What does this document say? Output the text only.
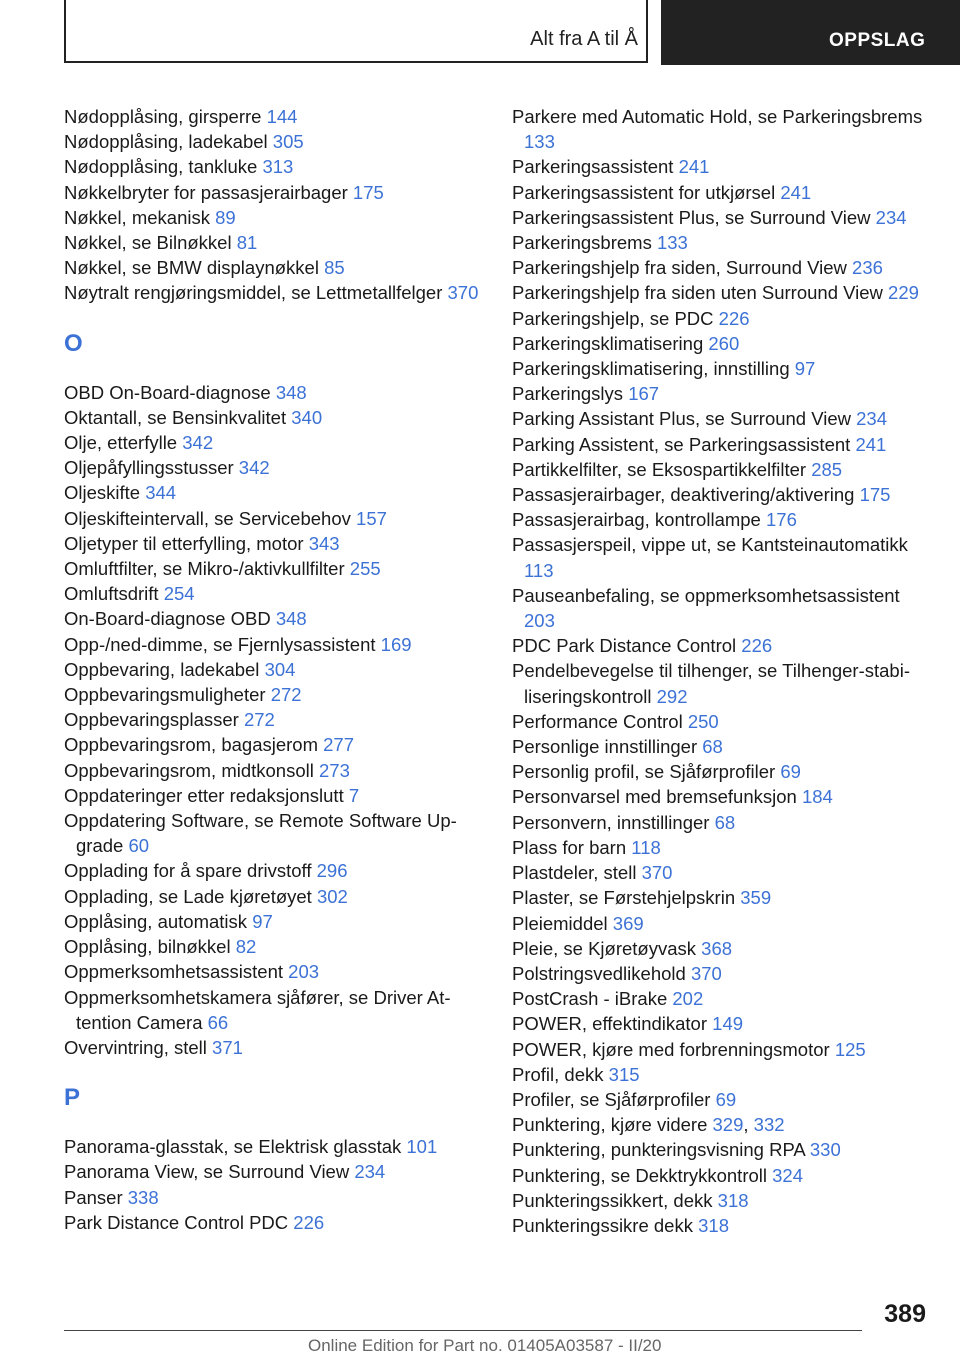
Alt fra A til Å	OPPSLAG
Nødopplåsing, girsperre 144
Nødopplåsing, ladekabel 305
Nødopplåsing, tankluke 313
Nøkkelbryter for passasjerairbager 175
Nøkkel, mekanisk 89
Nøkkel, se Bilnøkkel 81
Nøkkel, se BMW displaynøkkel 85
Nøytralt rengjøringsmiddel, se Lettmetallfelger 370
O
OBD On-Board-diagnose 348
Oktantall, se Bensinkvalitet 340
Olje, etterfylle 342
Oljepåfyllingsstusser 342
Oljeskifte 344
Oljeskifteintervall, se Servicebehov 157
Oljetyper til etterfylling, motor 343
Omluftfilter, se Mikro-/aktivkullfilter 255
Omluftsdrift 254
On-Board-diagnose OBD 348
Opp-/ned-dimme, se Fjernlysassistent 169
Oppbevaring, ladekabel 304
Oppbevaringsmuligheter 272
Oppbevaringsplasser 272
Oppbevaringsrom, bagasjerom 277
Oppbevaringsrom, midtkonsoll 273
Oppdateringer etter redaksjonslutt 7
Oppdatering Software, se Remote Software Upgrade 60
Opplading for å spare drivstoff 296
Opplading, se Lade kjøretøyet 302
Opplåsing, automatisk 97
Opplåsing, bilnøkkel 82
Oppmerksomhetsassistent 203
Oppmerksomhetskamera sjåfører, se Driver Attention Camera 66
Overvintring, stell 371
P
Panorama-glasstak, se Elektrisk glasstak 101
Panorama View, se Surround View 234
Panser 338
Park Distance Control PDC 226
Parkere med Automatic Hold, se Parkeringsbrems 133
Parkeringsassistent 241
Parkeringsassistent for utkjørsel 241
Parkeringsassistent Plus, se Surround View 234
Parkeringsbrems 133
Parkeringshjelp fra siden, Surround View 236
Parkeringshjelp fra siden uten Surround View 229
Parkeringshjelp, se PDC 226
Parkeringsklimatisering 260
Parkeringsklimatisering, innstilling 97
Parkeringslys 167
Parking Assistant Plus, se Surround View 234
Parking Assistent, se Parkeringsassistent 241
Partikkelfilter, se Eksospartikkelfilter 285
Passasjerairbager, deaktivering/aktivering 175
Passasjerairbag, kontrollampe 176
Passasjerspeil, vippe ut, se Kantsteinautomatikk 113
Pauseanbefaling, se oppmerksomhetsassistent 203
PDC Park Distance Control 226
Pendelbevegelse til tilhenger, se Tilhenger-stabiliseringskontroll 292
Performance Control 250
Personlige innstillinger 68
Personlig profil, se Sjåførprofiler 69
Personvarsel med bremsefunksjon 184
Personvern, innstillinger 68
Plass for barn 118
Plastdeler, stell 370
Plaster, se Førstehjelpskrin 359
Pleiemiddel 369
Pleie, se Kjøretøyvask 368
Polstringsvedlikehold 370
PostCrash - iBrake 202
POWER, effektindikator 149
POWER, kjøre med forbrenningsmotor 125
Profil, dekk 315
Profiler, se Sjåførprofiler 69
Punktering, kjøre videre 329, 332
Punktering, punkteringsvisning RPA 330
Punktering, se Dekktrykkontroll 324
Punkteringssikkert, dekk 318
Punkteringssikre dekk 318
389
Online Edition for Part no. 01405A03587 - II/20
